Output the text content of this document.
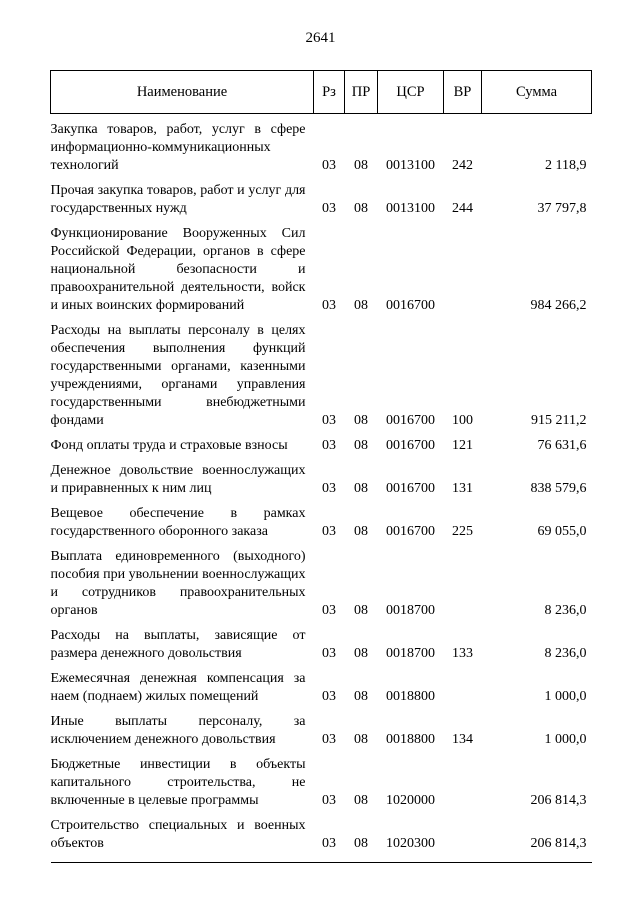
2641
Наименование	Рз	ПР	ЦСР	ВР	Сумма
Закупка товаров, работ, услуг в сфере информационно-коммуникационных технологий	03	08	0013100	242	2 118,9
Прочая закупка товаров, работ и услуг для государственных нужд	03	08	0013100	244	37 797,8
Функционирование Вооруженных Сил Российской Федерации, органов в сфере национальной безопасности и правоохранительной деятельности, войск и иных воинских формирований	03	08	0016700		984 266,2
Расходы на выплаты персоналу в целях обеспечения выполнения функций государственными органами, казенными учреждениями, органами управления государственными внебюджетными фондами	03	08	0016700	100	915 211,2
Фонд оплаты труда и страховые взносы	03	08	0016700	121	76 631,6
Денежное довольствие военнослужащих и приравненных к ним лиц	03	08	0016700	131	838 579,6
Вещевое обеспечение в рамках государственного оборонного заказа	03	08	0016700	225	69 055,0
Выплата единовременного (выходного) пособия при увольнении военнослужащих и сотрудников правоохранительных органов	03	08	0018700		8 236,0
Расходы на выплаты, зависящие от размера денежного довольствия	03	08	0018700	133	8 236,0
Ежемесячная денежная компенсация за наем (поднаем) жилых помещений	03	08	0018800		1 000,0
Иные выплаты персоналу, за исключением денежного довольствия	03	08	0018800	134	1 000,0
Бюджетные инвестиции в объекты капитального строительства, не включенные в целевые программы	03	08	1020000		206 814,3
Строительство специальных и военных объектов	03	08	1020300		206 814,3
